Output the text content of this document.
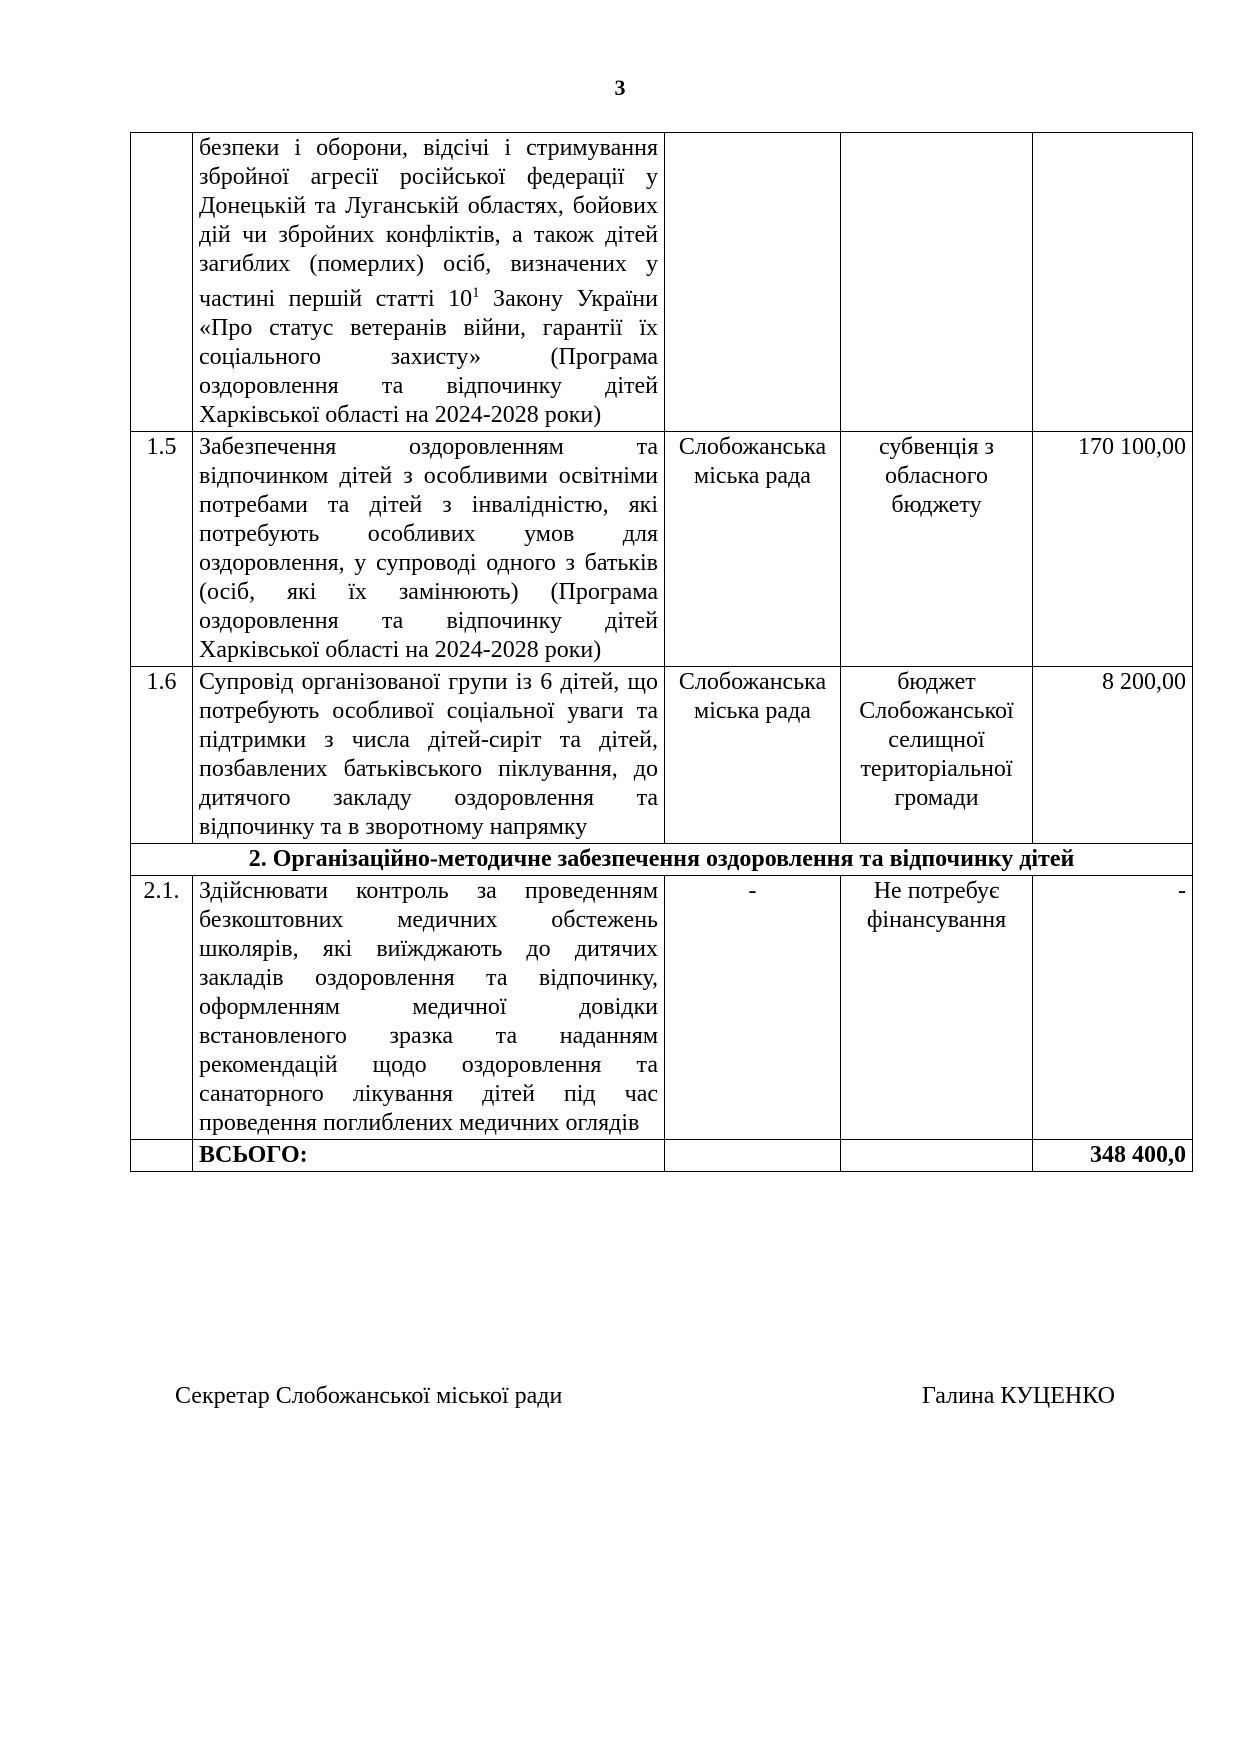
3
	безпеки і оборони, відсічі і стримування збройної агресії російської федерації у Донецькій та Луганській областях, бойових дій чи збройних конфліктів, а також дітей загиблих (померлих) осіб, визначених у частині першій статті $10^1$ Закону України «Про статус ветеранів війни, гарантії їх соціального захисту» (Програма оздоровлення та відпочинку дітей Харківської області на 2024-2028 роки)			
1.5	Забезпечення оздоровленням та відпочинком дітей з особливими освітніми потребами та дітей з інвалідністю, які потребують особливих умов для оздоровлення, у супроводі одного з батьків (осіб, які їх замінюють) (Програма оздоровлення та відпочинку дітей Харківської області на 2024-2028 роки)	Слобожанська міська рада	субвенція з обласного бюджету	170 100,00
1.6	Супровід організованої групи із 6 дітей, що потребують особливої соціальної уваги та підтримки з числа дітей-сиріт та дітей, позбавлених батьківського піклування, до дитячого закладу оздоровлення та відпочинку та в зворотному напрямку	Слобожанська міська рада	бюджет Слобожанської селищної територіальної громади	8 200,00
2. Організаційно-методичне забезпечення оздоровлення та відпочинку дітей				
2.1.	Здійснювати контроль за проведенням безкоштовних медичних обстежень школярів, які виїжджають до дитячих закладів оздоровлення та відпочинку, оформленням медичної довідки встановленого зразка та наданням рекомендацій щодо оздоровлення та санаторного лікування дітей під час проведення поглиблених медичних оглядів	-	Не потребує фінансування	-
	ВСЬОГО:			348 400,0
Секретар Слобожанської міської ради	Галина КУЦЕНКО
